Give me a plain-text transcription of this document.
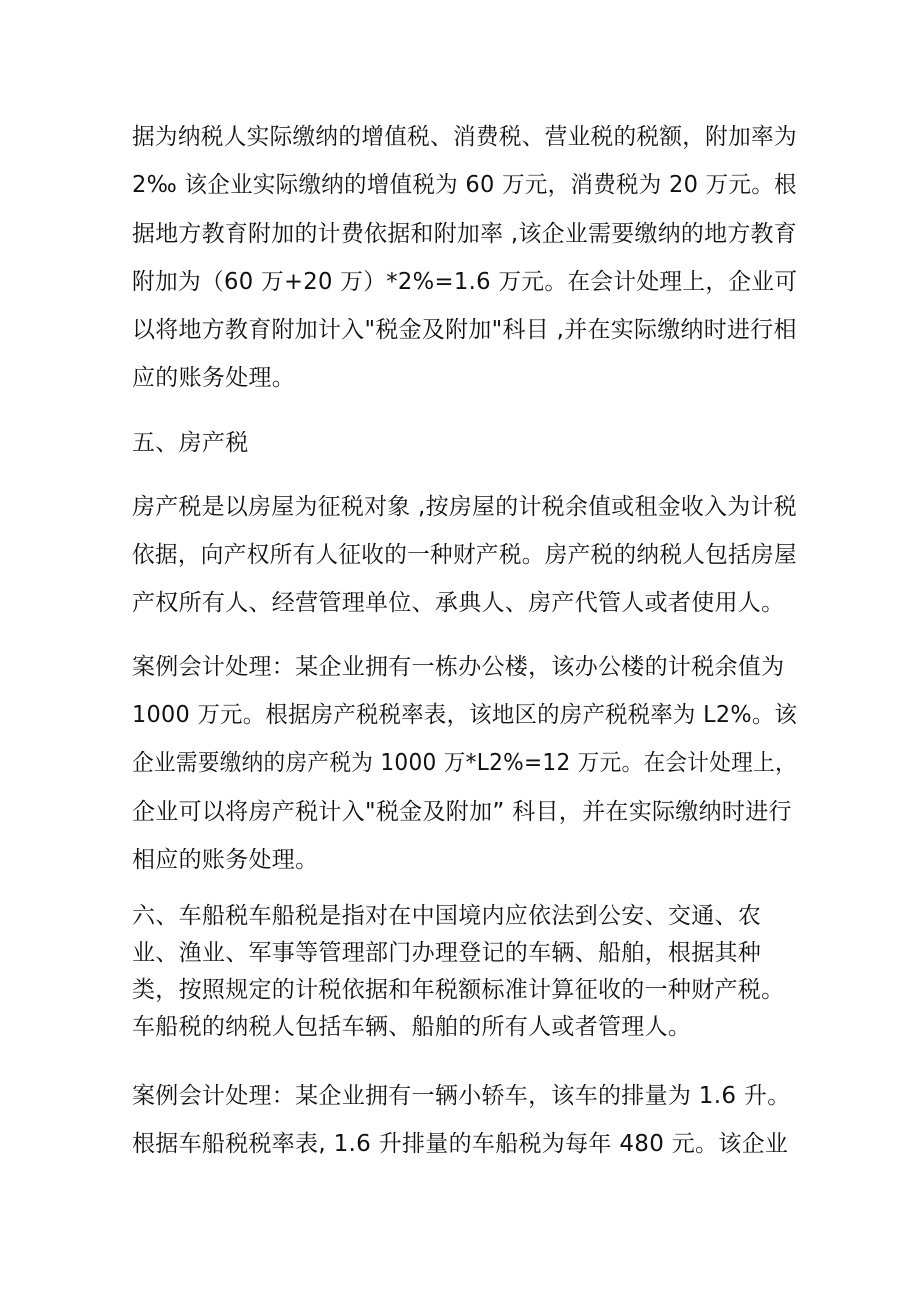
据为纳税人实际缴纳的增值税、消费税、营业税的税额，附加率为
2‰ 该企业实际缴纳的增值税为 60 万元，消费税为 20 万元。根
据地方教育附加的计费依据和附加率 ,该企业需要缴纳的地方教育
附加为（60 万+20 万）*2%=1.6 万元。在会计处理上，企业可
以将地方教育附加计入"税金及附加"科目 ,并在实际缴纳时进行相
应的账务处理。
五、房产税
房产税是以房屋为征税对象 ,按房屋的计税余值或租金收入为计税
依据，向产权所有人征收的一种财产税。房产税的纳税人包括房屋
产权所有人、经营管理单位、承典人、房产代管人或者使用人。
案例会计处理：某企业拥有一栋办公楼，该办公楼的计税余值为
1000 万元。根据房产税税率表，该地区的房产税税率为 L2%。该
企业需要缴纳的房产税为 1000 万*L2%=12 万元。在会计处理上，
企业可以将房产税计入"税金及附加” 科目，并在实际缴纳时进行
相应的账务处理。
六、车船税车船税是指对在中国境内应依法到公安、交通、农
业、渔业、军事等管理部门办理登记的车辆、船舶，根据其种
类，按照规定的计税依据和年税额标准计算征收的一种财产税。
车船税的纳税人包括车辆、船舶的所有人或者管理人。
案例会计处理：某企业拥有一辆小轿车，该车的排量为 1.6 升。
根据车船税税率表, 1.6 升排量的车船税为每年 480 元。该企业
